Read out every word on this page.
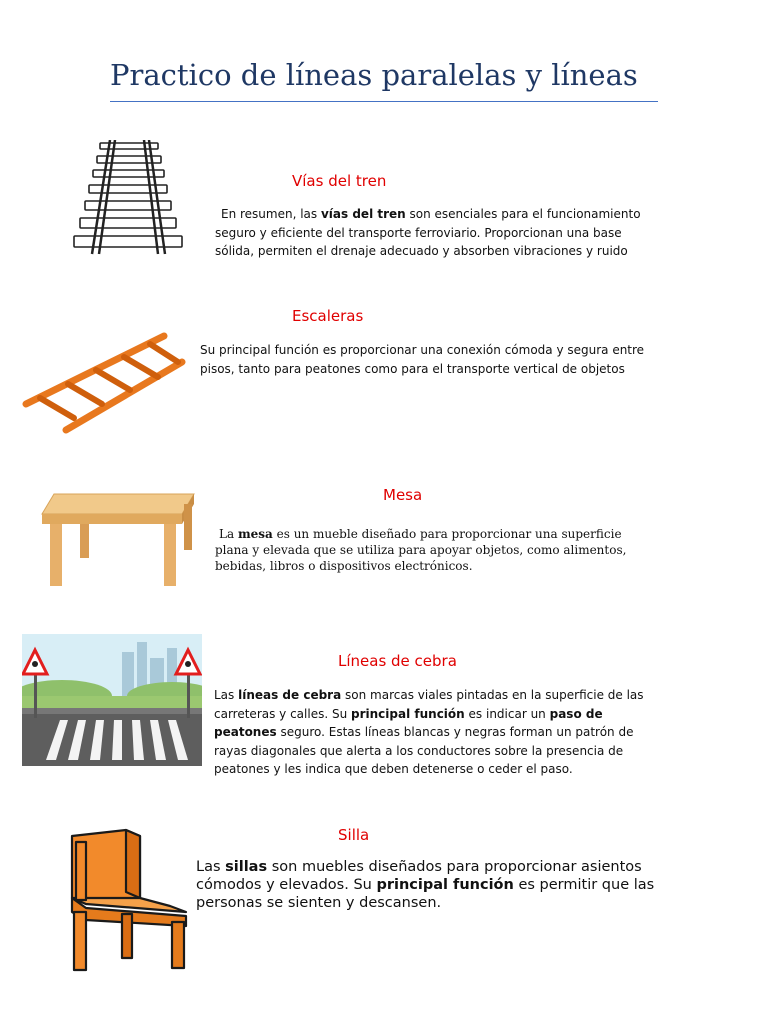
Practico de líneas paralelas y líneas
Vías del tren
En resumen, las vías del tren son esenciales para el funcionamiento seguro y eficiente del transporte ferroviario. Proporcionan una base sólida, permiten el drenaje adecuado y absorben vibraciones y ruido
Escaleras
Su principal función es proporcionar una conexión cómoda y segura entre pisos, tanto para peatones como para el transporte vertical de objetos
Mesa
La mesa es un mueble diseñado para proporcionar una superficie plana y elevada que se utiliza para apoyar objetos, como alimentos, bebidas, libros o dispositivos electrónicos.
Líneas de cebra
Las líneas de cebra son marcas viales pintadas en la superficie de las carreteras y calles. Su principal función es indicar un paso de peatones seguro. Estas líneas blancas y negras forman un patrón de rayas diagonales que alerta a los conductores sobre la presencia de peatones y les indica que deben detenerse o ceder el paso.
Silla
Las sillas son muebles diseñados para proporcionar asientos cómodos y elevados. Su principal función es permitir que las personas se sienten y descansen.
